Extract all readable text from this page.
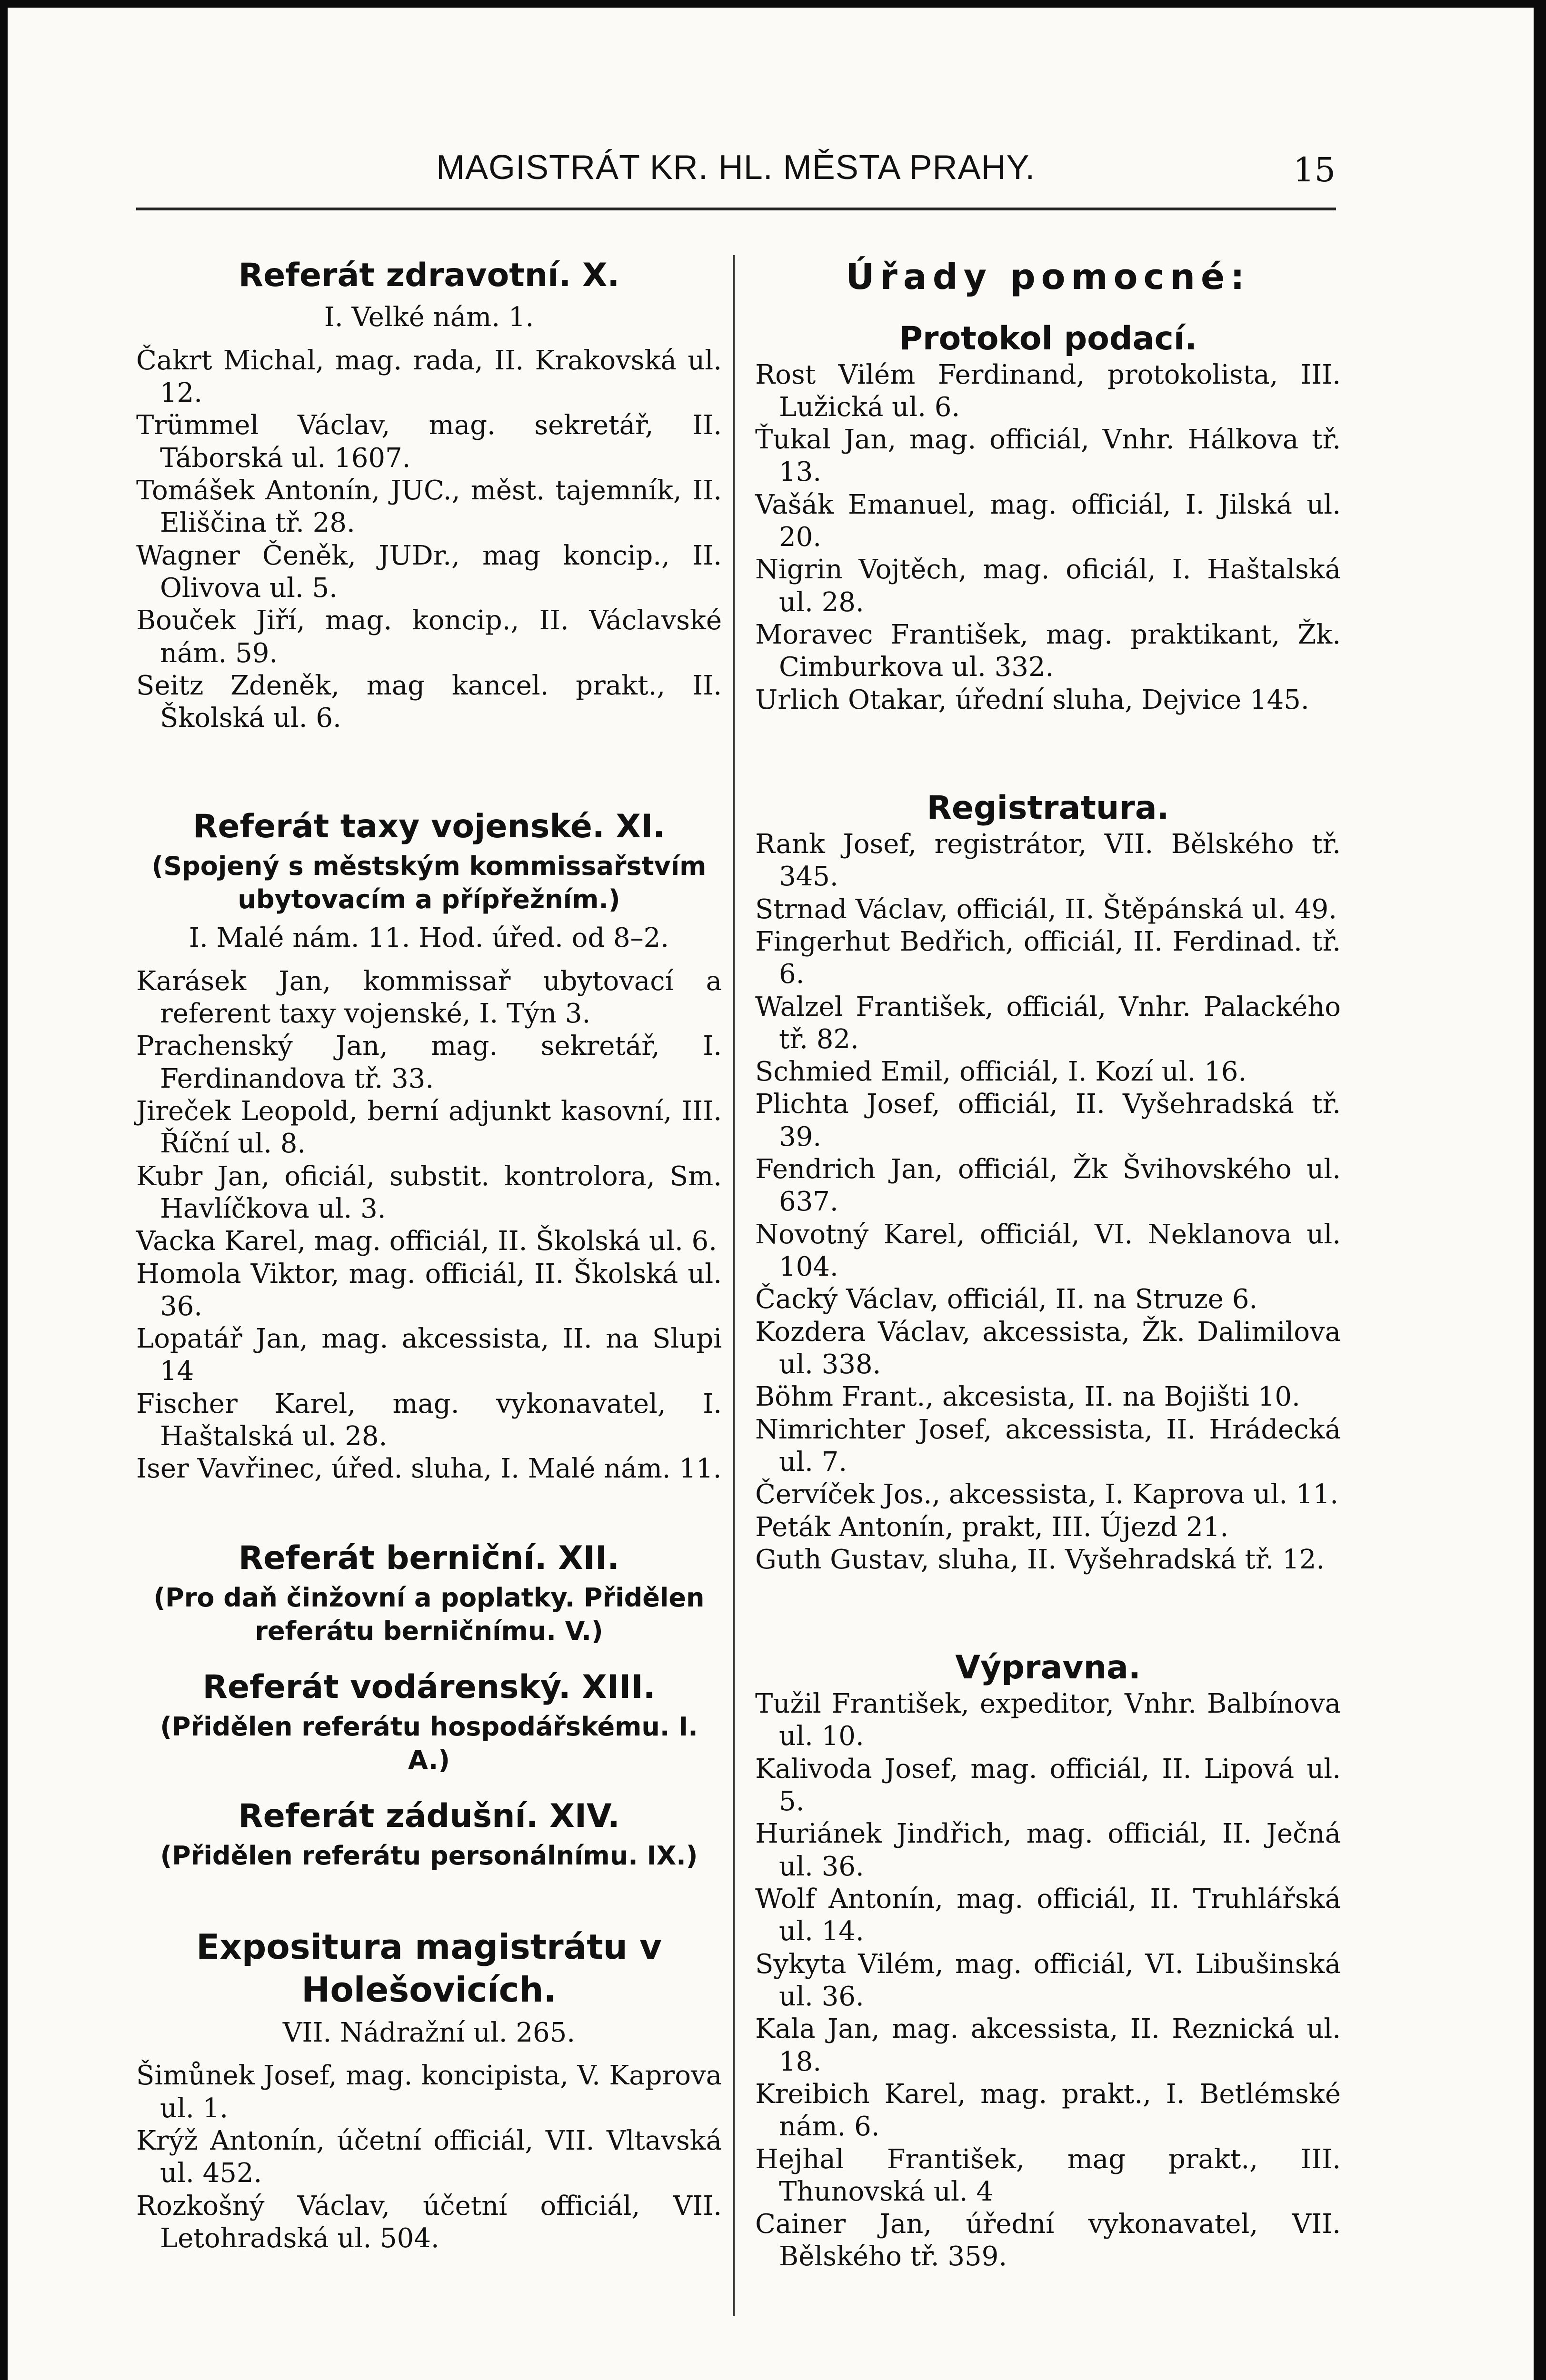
MAGISTRÁT KR. HL. MĚSTA PRAHY.	15
Referát zdravotní. X.
I. Velké nám. 1.
Čakrt Michal, mag. rada, II. Krakovská ul. 12.
Trümmel Václav, mag. sekretář, II. Táborská ul. 1607.
Tomášek Antonín, JUC., měst. tajemník, II. Eliščina tř. 28.
Wagner Čeněk, JUDr., mag koncip., II. Olivova ul. 5.
Bouček Jiří, mag. koncip., II. Václavské nám. 59.
Seitz Zdeněk, mag kancel. prakt., II. Školská ul. 6.
Referát taxy vojenské. XI.
(Spojený s městským kommissařstvím ubytovacím a přípřežním.)
I. Malé nám. 11. Hod. úřed. od 8–2.
Karásek Jan, kommissař ubytovací a referent taxy vojenské, I. Týn 3.
Prachenský Jan, mag. sekretář, I. Ferdinandova tř. 33.
Jireček Leopold, berní adjunkt kasovní, III. Říční ul. 8.
Kubr Jan, oficiál, substit. kontrolora, Sm. Havlíčkova ul. 3.
Vacka Karel, mag. officiál, II. Školská ul. 6.
Homola Viktor, mag. officiál, II. Školská ul. 36.
Lopatář Jan, mag. akcessista, II. na Slupi 14
Fischer Karel, mag. vykonavatel, I. Haštalská ul. 28.
Iser Vavřinec, úřed. sluha, I. Malé nám. 11.
Referát berniční. XII.
(Pro daň činžovní a poplatky. Přidělen referátu berničnímu. V.)
Referát vodárenský. XIII.
(Přidělen referátu hospodářskému. I. A.)
Referát zádušní. XIV.
(Přidělen referátu personálnímu. IX.)
Expositura magistrátu v Holešovicích.
VII. Nádražní ul. 265.
Šimůnek Josef, mag. koncipista, V. Kaprova ul. 1.
Krýž Antonín, účetní officiál, VII. Vltavská ul. 452.
Rozkošný Václav, účetní officiál, VII. Letohradská ul. 504.
Úřady pomocné:
Protokol podací.
Rost Vilém Ferdinand, protokolista, III. Lužická ul. 6.
Ťukal Jan, mag. officiál, Vnhr. Hálkova tř. 13.
Vašák Emanuel, mag. officiál, I. Jilská ul. 20.
Nigrin Vojtěch, mag. oficiál, I. Haštalská ul. 28.
Moravec František, mag. praktikant, Žk. Cimburkova ul. 332.
Urlich Otakar, úřední sluha, Dejvice 145.
Registratura.
Rank Josef, registrátor, VII. Bělského tř. 345.
Strnad Václav, officiál, II. Štěpánská ul. 49.
Fingerhut Bedřich, officiál, II. Ferdinad. tř. 6.
Walzel František, officiál, Vnhr. Palackého tř. 82.
Schmied Emil, officiál, I. Kozí ul. 16.
Plichta Josef, officiál, II. Vyšehradská tř. 39.
Fendrich Jan, officiál, Žk Švihovského ul. 637.
Novotný Karel, officiál, VI. Neklanova ul. 104.
Čacký Václav, officiál, II. na Struze 6.
Kozdera Václav, akcessista, Žk. Dalimilova ul. 338.
Böhm Frant., akcesista, II. na Bojišti 10.
Nimrichter Josef, akcessista, II. Hrádecká ul. 7.
Červíček Jos., akcessista, I. Kaprova ul. 11.
Peták Antonín, prakt, III. Újezd 21.
Guth Gustav, sluha, II. Vyšehradská tř. 12.
Výpravna.
Tužil František, expeditor, Vnhr. Balbínova ul. 10.
Kalivoda Josef, mag. officiál, II. Lipová ul. 5.
Huriánek Jindřich, mag. officiál, II. Ječná ul. 36.
Wolf Antonín, mag. officiál, II. Truhlářská ul. 14.
Sykyta Vilém, mag. officiál, VI. Libušinská ul. 36.
Kala Jan, mag. akcessista, II. Reznická ul. 18.
Kreibich Karel, mag. prakt., I. Betlémské nám. 6.
Hejhal František, mag prakt., III. Thunovská ul. 4
Cainer Jan, úřední vykonavatel, VII. Bělského tř. 359.
